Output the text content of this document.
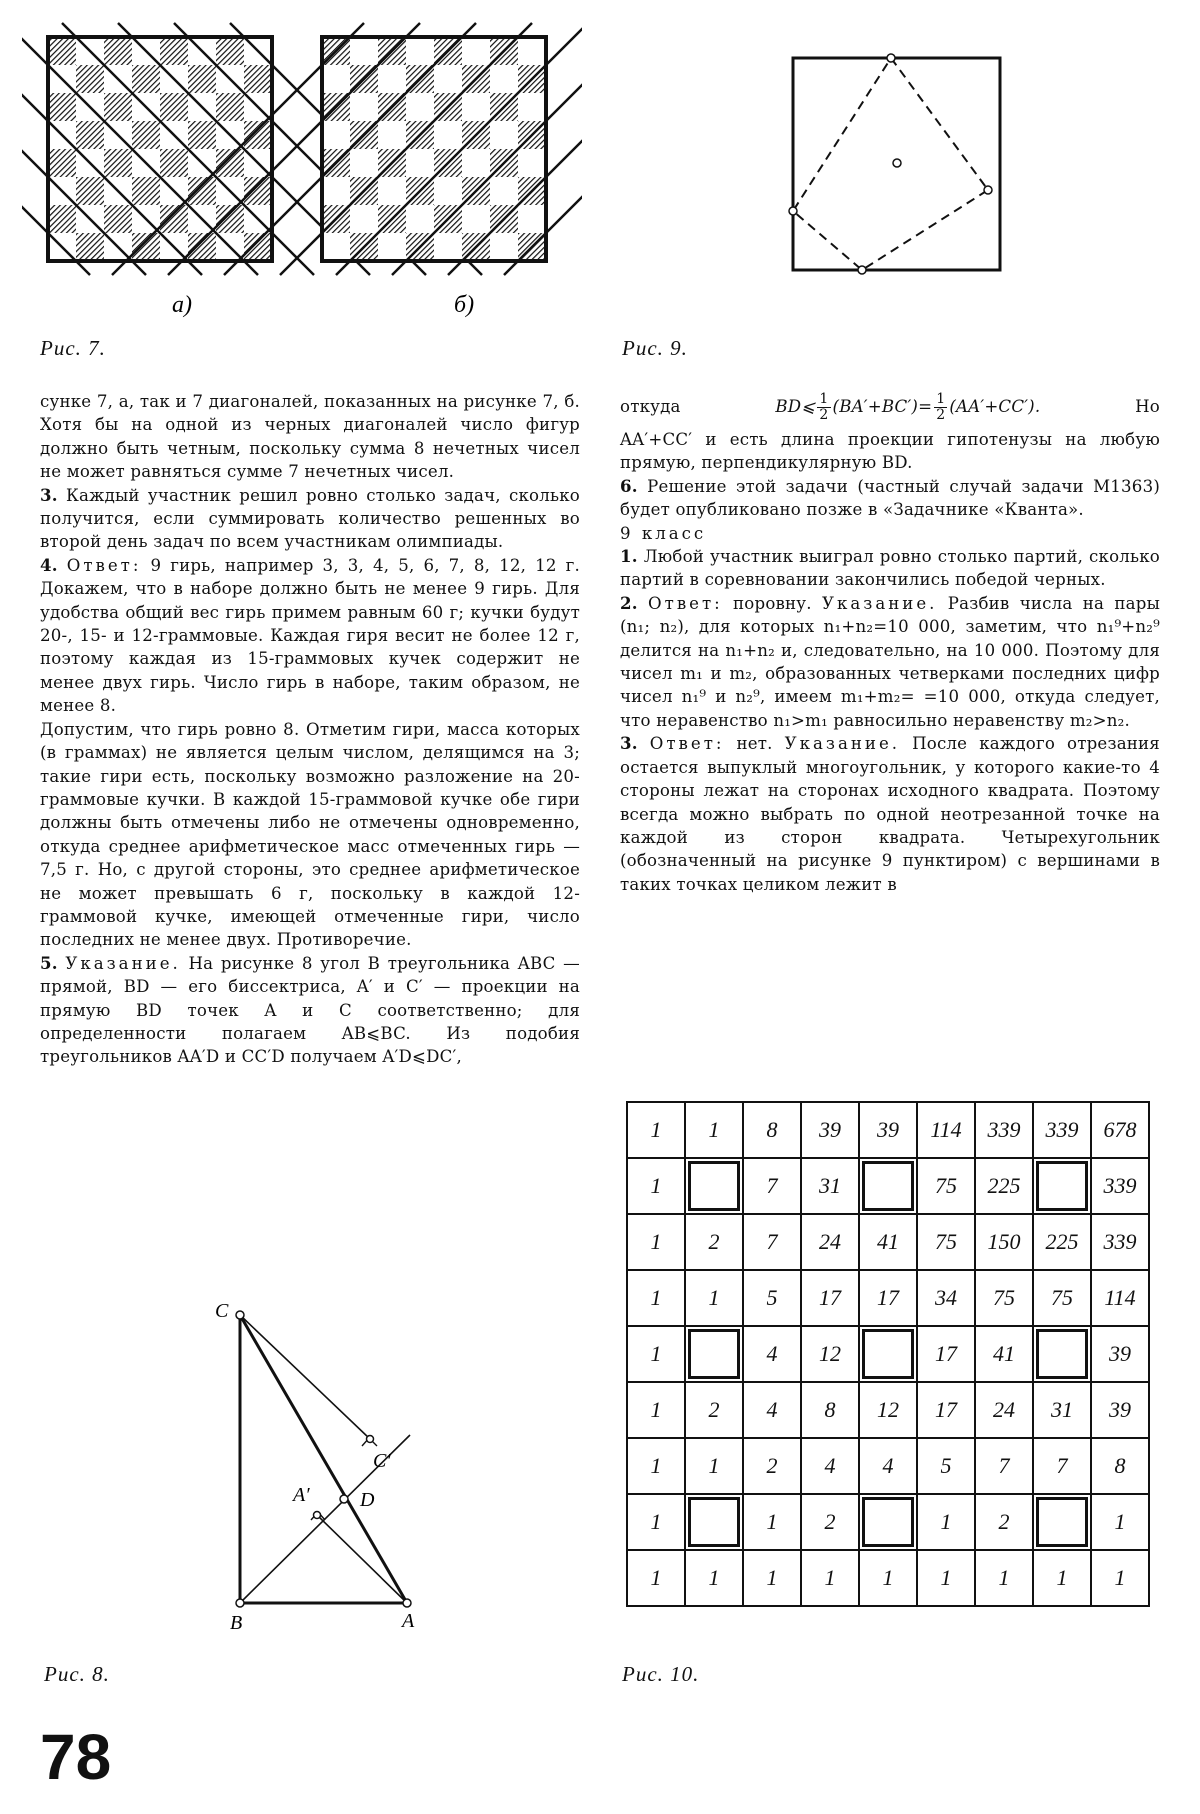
а)	б)
Рис. 7.	Рис. 9.

сунке 7, а, так и 7 диагоналей, показанных на рисунке 7, б. Хотя бы на одной из черных диагоналей число фигур должно быть четным, поскольку сумма 8 нечетных чисел не может равняться сумме 7 нечетных чисел.

3. Каждый участник решил ровно столько задач, сколько получится, если суммировать количество решенных во второй день задач по всем участникам олимпиады.

4. Ответ: 9 гирь, например 3, 3, 4, 5, 6, 7, 8, 12, 12 г. Докажем, что в наборе должно быть не менее 9 гирь. Для удобства общий вес гирь примем равным 60 г; кучки будут 20-, 15- и 12-граммовые. Каждая гиря весит не более 12 г, поэтому каждая из 15-граммовых кучек содержит не менее двух гирь. Число гирь в наборе, таким образом, не менее 8.

Допустим, что гирь ровно 8. Отметим гири, масса которых (в граммах) не является целым числом, делящимся на 3; такие гири есть, поскольку возможно разложение на 20-граммовые кучки. В каждой 15-граммовой кучке обе гири должны быть отмечены либо не отмечены одновременно, откуда среднее арифметическое масс отмеченных гирь — 7,5 г. Но, с другой стороны, это среднее арифметическое не может превышать 6 г, поскольку в каждой 12-граммовой кучке, имеющей отмеченные гири, число последних не менее двух. Противоречие.

5. Указание. На рисунке 8 угол B треугольника ABC — прямой, BD — его биссектриса, A′ и C′ — проекции на прямую BD точек A и C соответственно; для определенности полагаем AB⩽BC. Из подобия треугольников AA′D и CC′D получаем A′D⩽DC′,

откуда	BD⩽ $\frac{1}{2} (BA'+BC')= \frac{1}{2} (AA'+CC')$.	Но

AA′+CC′ и есть длина проекции гипотенузы на любую прямую, перпендикулярную BD.

6. Решение этой задачи (частный случай задачи М1363) будет опубликовано позже в «Задачнике «Кванта».

9 класс

1. Любой участник выиграл ровно столько партий, сколько партий в соревновании закончились победой черных.

2. Ответ: поровну. Указание. Разбив числа на пары (n₁; n₂), для которых n₁+n₂=10 000, заметим, что n₁⁹+n₂⁹ делится на n₁+n₂ и, следовательно, на 10 000. Поэтому для чисел m₁ и m₂, образованных четверками последних цифр чисел n₁⁹ и n₂⁹, имеем m₁+m₂= =10 000, откуда следует, что неравенство n₁>m₁ равносильно неравенству m₂>n₂.

3. Ответ: нет. Указание. После каждого отрезания остается выпуклый многоугольник, у которого какие-то 4 стороны лежат на сторонах исходного квадрата. Поэтому всегда можно выбрать по одной неотрезанной точке на каждой из сторон квадрата. Четырехугольник (обозначенный на рисунке 9 пунктиром) с вершинами в таких точках целиком лежит в

C
C′
A′	D
B	A
Рис. 8.
1	1	8	39	39	114	339	339	678
1		7	31		75	225		339
1	2	7	24	41	75	150	225	339
1	1	5	17	17	34	75	75	114
1		4	12		17	41		39
1	2	4	8	12	17	24	31	39
1	1	2	4	4	5	7	7	8
1		1	2		1	2		1
1	1	1	1	1	1	1	1	1
Рис. 10.
78
